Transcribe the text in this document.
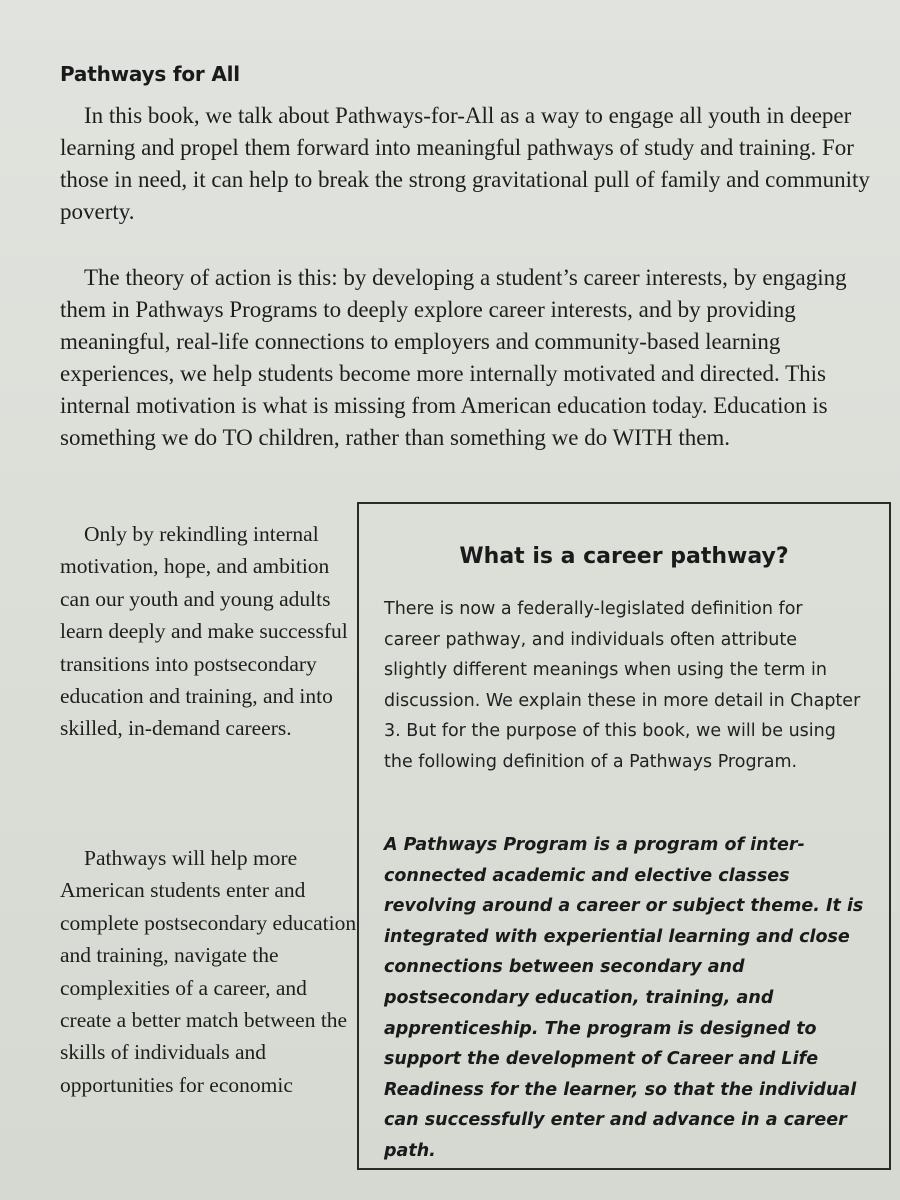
Pathways for All

In this book, we talk about Pathways-for-All as a way to engage all youth in deeper learning and propel them forward into meaningful pathways of study and training. For those in need, it can help to break the strong gravitational pull of family and community poverty.

The theory of action is this: by developing a student’s career interests, by engaging them in Pathways Programs to deeply explore career interests, and by providing meaningful, real-life connections to employers and community-based learning experiences, we help students become more internally motivated and directed. This internal motivation is what is missing from American education today. Education is something we do TO children, rather than something we do WITH them.

Only by rekindling internal motivation, hope, and ambition can our youth and young adults learn deeply and make successful transitions into postsecondary education and training, and into skilled, in-demand careers.

Pathways will help more American students enter and complete postsecondary education and training, navigate the complexities of a career, and create a better match between the skills of individuals and opportunities for economic

What is a career pathway?

There is now a federally-legislated definition for career pathway, and individuals often attribute slightly different meanings when using the term in discussion. We explain these in more detail in Chapter 3. But for the purpose of this book, we will be using the following definition of a Pathways Program.

A Pathways Program is a program of inter-connected academic and elective classes revolving around a career or subject theme. It is integrated with experiential learning and close connections between secondary and postsecondary education, training, and apprenticeship. The program is designed to support the development of Career and Life Readiness for the learner, so that the individual can successfully enter and advance in a career path.
